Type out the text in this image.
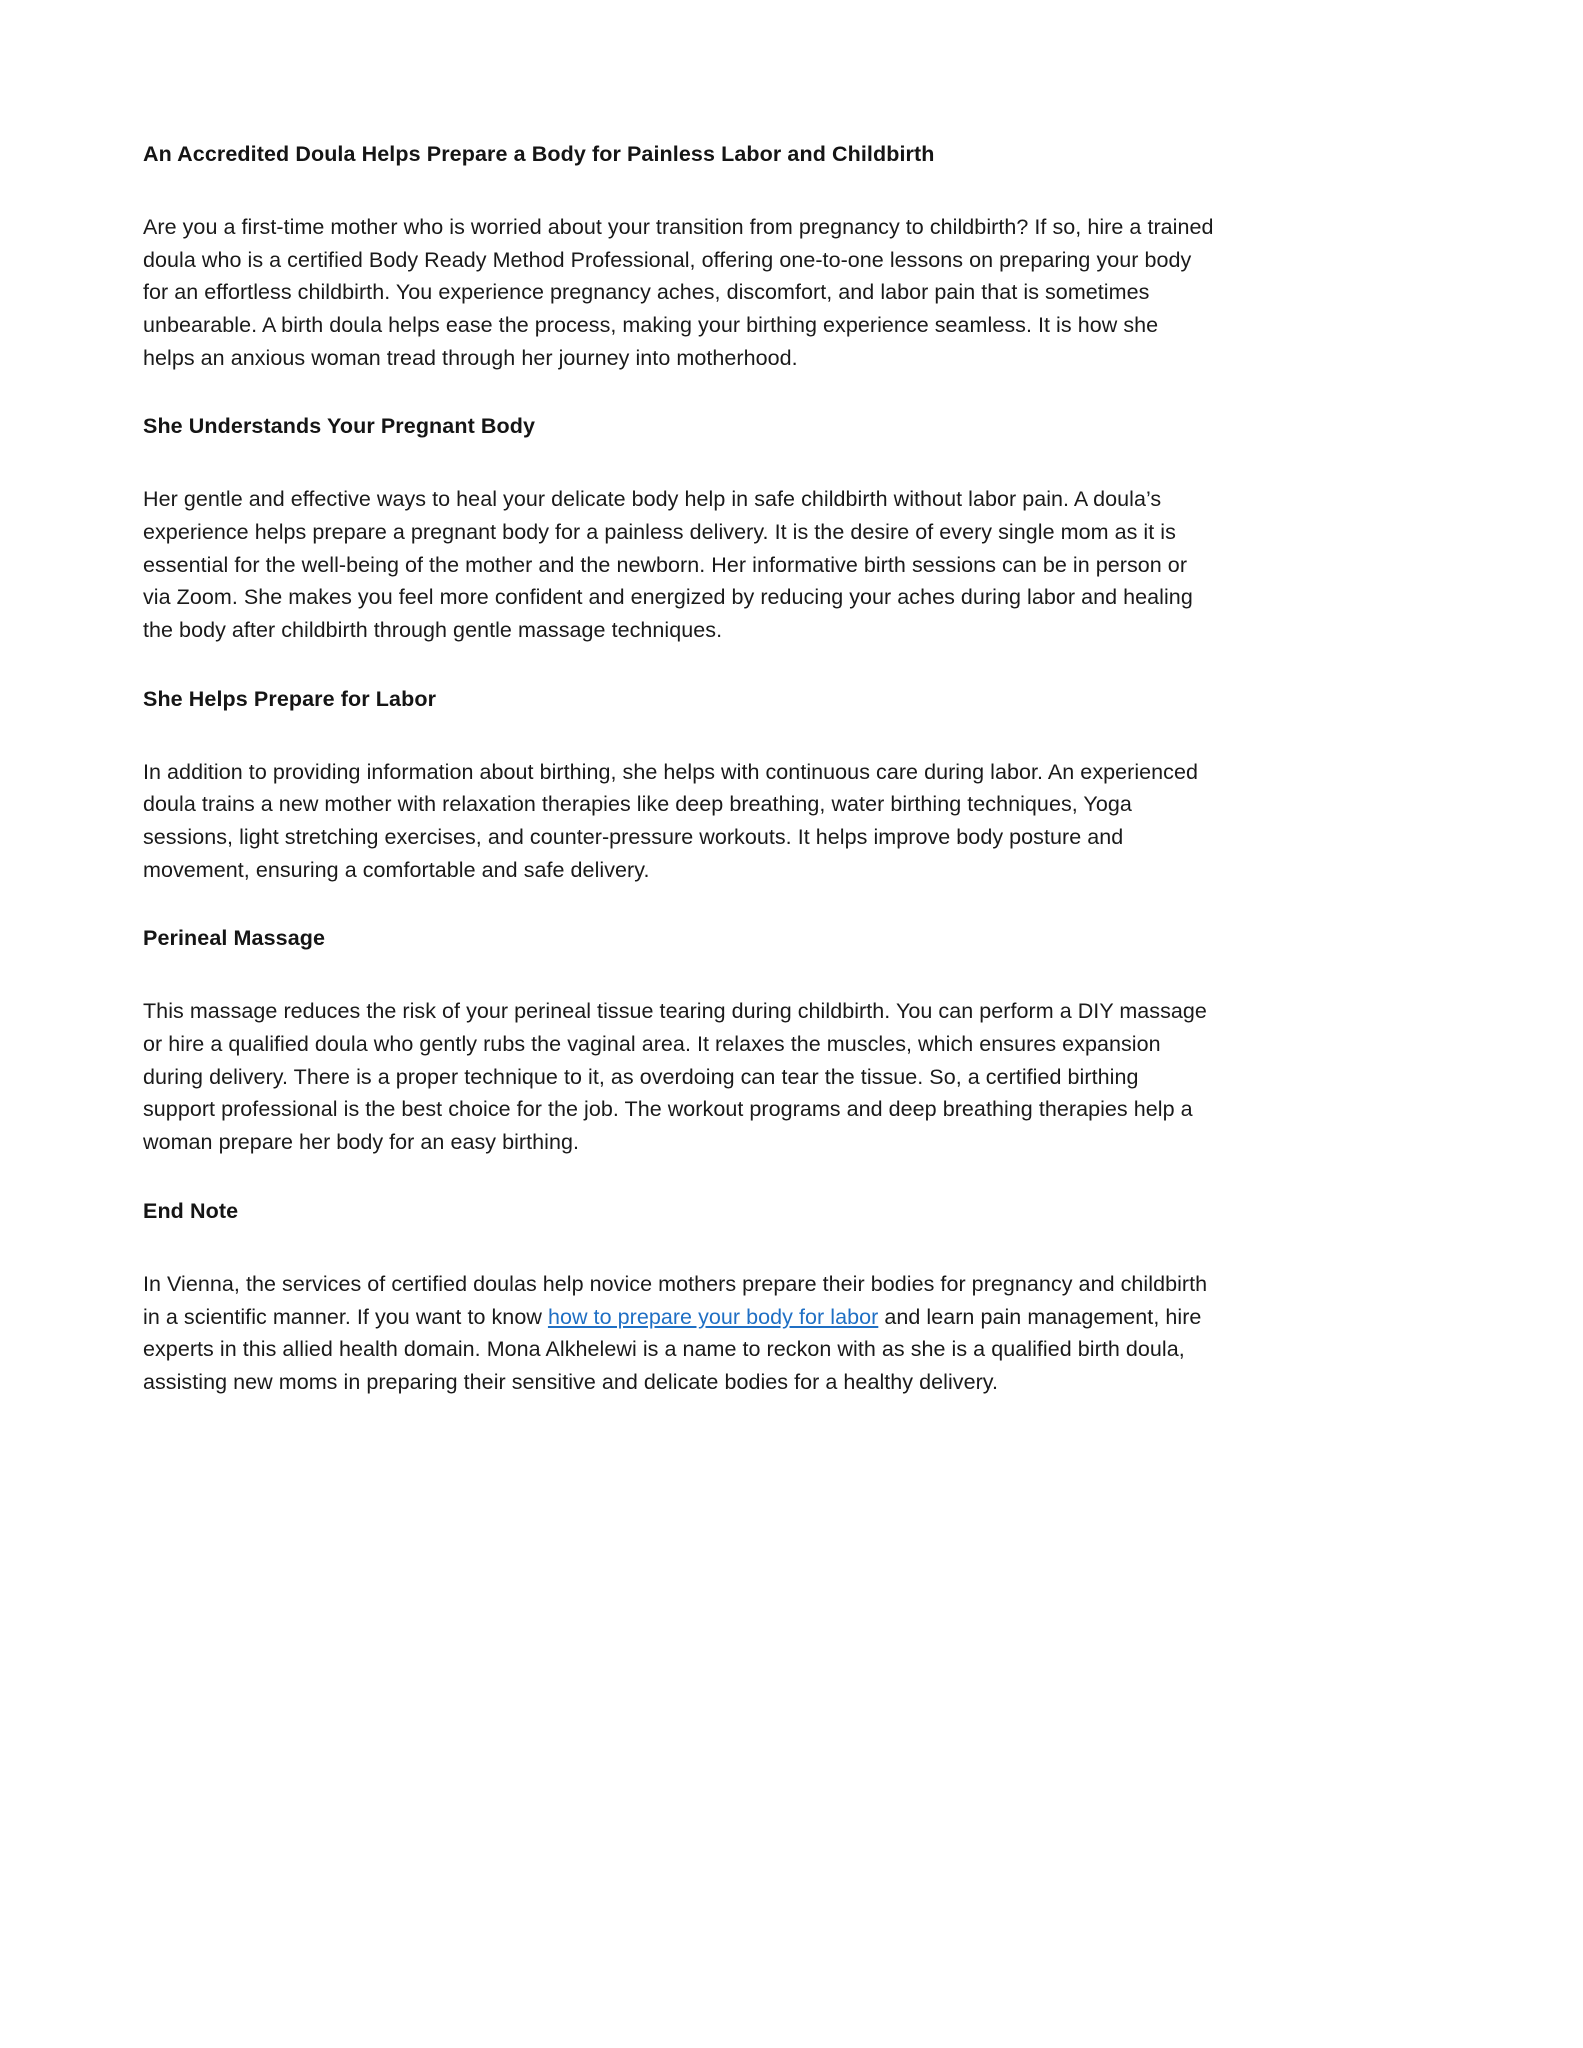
An Accredited Doula Helps Prepare a Body for Painless Labor and Childbirth

Are you a first-time mother who is worried about your transition from pregnancy to childbirth? If so, hire a trained doula who is a certified Body Ready Method Professional, offering one-to-one lessons on preparing your body for an effortless childbirth. You experience pregnancy aches, discomfort, and labor pain that is sometimes unbearable. A birth doula helps ease the process, making your birthing experience seamless. It is how she helps an anxious woman tread through her journey into motherhood.

She Understands Your Pregnant Body

Her gentle and effective ways to heal your delicate body help in safe childbirth without labor pain. A doula’s experience helps prepare a pregnant body for a painless delivery. It is the desire of every single mom as it is essential for the well-being of the mother and the newborn. Her informative birth sessions can be in person or via Zoom. She makes you feel more confident and energized by reducing your aches during labor and healing the body after childbirth through gentle massage techniques.

She Helps Prepare for Labor

In addition to providing information about birthing, she helps with continuous care during labor. An experienced doula trains a new mother with relaxation therapies like deep breathing, water birthing techniques, Yoga sessions, light stretching exercises, and counter-pressure workouts. It helps improve body posture and movement, ensuring a comfortable and safe delivery.

Perineal Massage

This massage reduces the risk of your perineal tissue tearing during childbirth. You can perform a DIY massage or hire a qualified doula who gently rubs the vaginal area. It relaxes the muscles, which ensures expansion during delivery. There is a proper technique to it, as overdoing can tear the tissue. So, a certified birthing support professional is the best choice for the job. The workout programs and deep breathing therapies help a woman prepare her body for an easy birthing.

End Note

In Vienna, the services of certified doulas help novice mothers prepare their bodies for pregnancy and childbirth in a scientific manner. If you want to know how to prepare your body for labor and learn pain management, hire experts in this allied health domain. Mona Alkhelewi is a name to reckon with as she is a qualified birth doula, assisting new moms in preparing their sensitive and delicate bodies for a healthy delivery.
